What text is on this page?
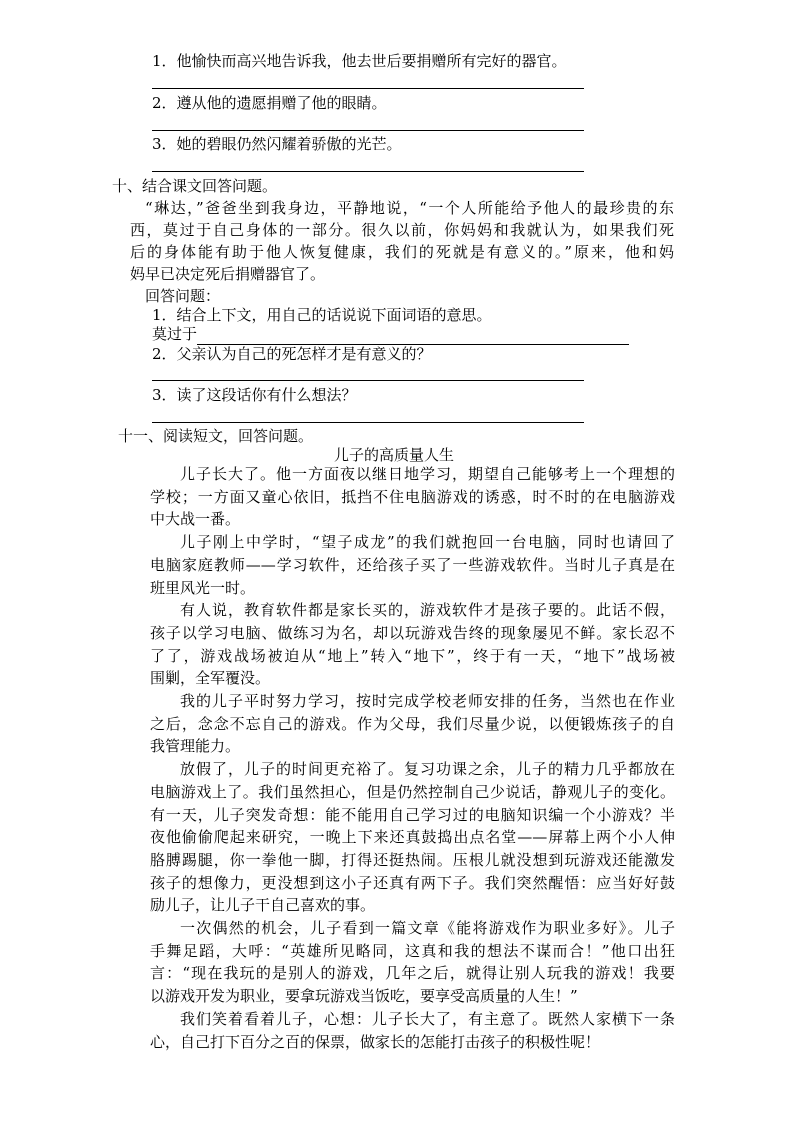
1．他愉快而高兴地告诉我，他去世后要捐赠所有完好的器官。
2．遵从他的遗愿捐赠了他的眼睛。
3．她的碧眼仍然闪耀着骄傲的光芒。
十、结合课文回答问题。
“琳达，”爸爸坐到我身边，平静地说，“一个人所能给予他人的最珍贵的东
西，莫过于自己身体的一部分。很久以前，你妈妈和我就认为，如果我们死
后的身体能有助于他人恢复健康，我们的死就是有意义的。”原来，他和妈
妈早已决定死后捐赠器官了。
回答问题：
1．结合上下文，用自己的话说说下面词语的意思。
莫过于
2．父亲认为自己的死怎样才是有意义的？
3．读了这段话你有什么想法？
十一、阅读短文，回答问题。
儿子的高质量人生
儿子长大了。他一方面夜以继日地学习，期望自己能够考上一个理想的
学校；一方面又童心依旧，抵挡不住电脑游戏的诱惑，时不时的在电脑游戏
中大战一番。
儿子刚上中学时，“望子成龙”的我们就抱回一台电脑，同时也请回了
电脑家庭教师——学习软件，还给孩子买了一些游戏软件。当时儿子真是在
班里风光一时。
有人说，教育软件都是家长买的，游戏软件才是孩子要的。此话不假，
孩子以学习电脑、做练习为名，却以玩游戏告终的现象屡见不鲜。家长忍不
了了，游戏战场被迫从“地上”转入“地下”，终于有一天，“地下”战场被
围剿，全军覆没。
我的儿子平时努力学习，按时完成学校老师安排的任务，当然也在作业
之后，念念不忘自己的游戏。作为父母，我们尽量少说，以便锻炼孩子的自
我管理能力。
放假了，儿子的时间更充裕了。复习功课之余，儿子的精力几乎都放在
电脑游戏上了。我们虽然担心，但是仍然控制自己少说话，静观儿子的变化。
有一天，儿子突发奇想：能不能用自己学习过的电脑知识编一个小游戏？半
夜他偷偷爬起来研究，一晚上下来还真鼓捣出点名堂——屏幕上两个小人伸
胳膊踢腿，你一拳他一脚，打得还挺热闹。压根儿就没想到玩游戏还能激发
孩子的想像力，更没想到这小子还真有两下子。我们突然醒悟：应当好好鼓
励儿子，让儿子干自己喜欢的事。
一次偶然的机会，儿子看到一篇文章《能将游戏作为职业多好》。儿子
手舞足蹈，大呼：“英雄所见略同，这真和我的想法不谋而合！”他口出狂
言：“现在我玩的是别人的游戏，几年之后，就得让别人玩我的游戏！我要
以游戏开发为职业，要拿玩游戏当饭吃，要享受高质量的人生！”
我们笑着看着儿子，心想：儿子长大了，有主意了。既然人家横下一条
心，自己打下百分之百的保票，做家长的怎能打击孩子的积极性呢！
